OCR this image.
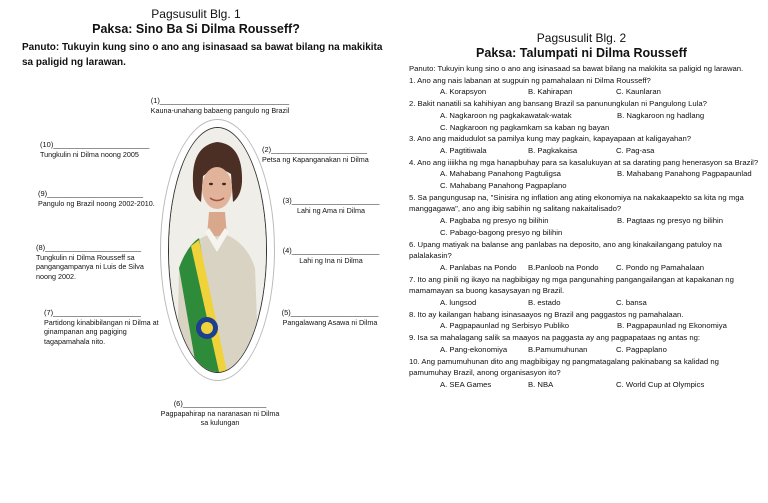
Pagsusulit Blg. 1
Paksa: Sino Ba Si Dilma Rousseff?
Panuto: Tukuyin kung sino o ano ang isinasaad sa bawat bilang na makikita sa paligid ng larawan.
(1)_______________________________
Kauna-unahang babaeng pangulo ng Brazil
(10)_______________________
Tungkulin ni Dilma noong 2005	(2)_______________________
Petsa ng Kapanganakan ni Dilma
(9)_______________________
Pangulo ng Brazil noong 2002-2010.	(3)_____________________
Lahi ng Ama ni Dilma
(8)_______________________
Tungkulin ni Dilma Rousseff sa pangangampanya ni Luis de Silva noong 2002.
(4)_____________________
Lahi ng Ina ni Dilma
(7)_____________________
Partidong kinabibilangan ni Dilma at ginampanan ang pagiging tagapamahala nito.
(5)_____________________
Pangalawang Asawa ni Dilma
(6)____________________
Pagpapahirap na naranasan ni Dilma sa kulungan
Pagsusulit Blg. 2
Paksa: Talumpati ni Dilma Rousseff

Panuto: Tukuyin kung sino o ano ang isinasaad sa bawat bilang na makikita sa paligid ng larawan.

1. Ano ang nais labanan at sugpuin ng pamahalaan ni Dilma Rousseff?

A. Korapsyon	B. Kahirapan	C. Kaunlaran

2. Bakit nanatili sa kahihiyan ang bansang Brazil sa panunungkulan ni Pangulong Lula?

A. Nagkaroon ng pagkakawatak-watak	B. Nagkaroon ng hadlang
C. Nagkaroon ng pagkamkam sa kaban ng bayan

3. Ano ang maidudulot sa pamilya kung may pagkain, kapayapaan at kaligayahan?

A. Pagtitiwala	B. Pagkakaisa	C. Pag-asa

4. Ano ang iiiikha ng mga hanapbuhay para sa kasalukuyan at sa darating pang henerasyon sa Brazil?

A. Mahabang Panahong Pagtuligsa	B. Mahabang Panahong Pagpapaunlad
C. Mahabang Panahong Pagpaplano

5. Sa pangungusap na, "Sinisira ng inflation ang ating ekonomiya na nakakaapekto sa kita ng mga manggagawa", ano ang ibig sabihin ng salitang nakaitalisado?

A. Pagbaba ng presyo ng bilihin	B. Pagtaas ng presyo ng bilihin
C. Pabago-bagong presyo ng bilihin

6. Upang matiyak na balanse ang panlabas na deposito, ano ang kinakailangang patuloy na palalakasin?

A. Panlabas na Pondo	B.Panloob na Pondo	C. Pondo ng Pamahalaan

7. Ito ang pinili ng ikayo na nagbibigay ng mga pangunahing pangangailangan at kapakanan ng mamamayan sa buong kasaysayan ng Brazil.

A. lungsod	B. estado	C. bansa

8. Ito ay kailangan habang isinasaayos ng Brazil ang paggastos ng pamahalaan.

A. Pagpapaunlad ng Serbisyo Publiko	B. Pagpapaunlad ng Ekonomiya

9. Isa sa mahalagang salik sa maayos na paggasta ay ang pagpapataas ng antas ng:

A. Pang-ekonomiya	B.Pamumuhunan	C. Pagpaplano

10. Ang pamumuhunan dito ang magbibigay ng pangmatagalang pakinabang sa kalidad ng pamumuhay Brazil, anong organisasyon ito?

A. SEA Games	B. NBA	C. World Cup at Olympics
